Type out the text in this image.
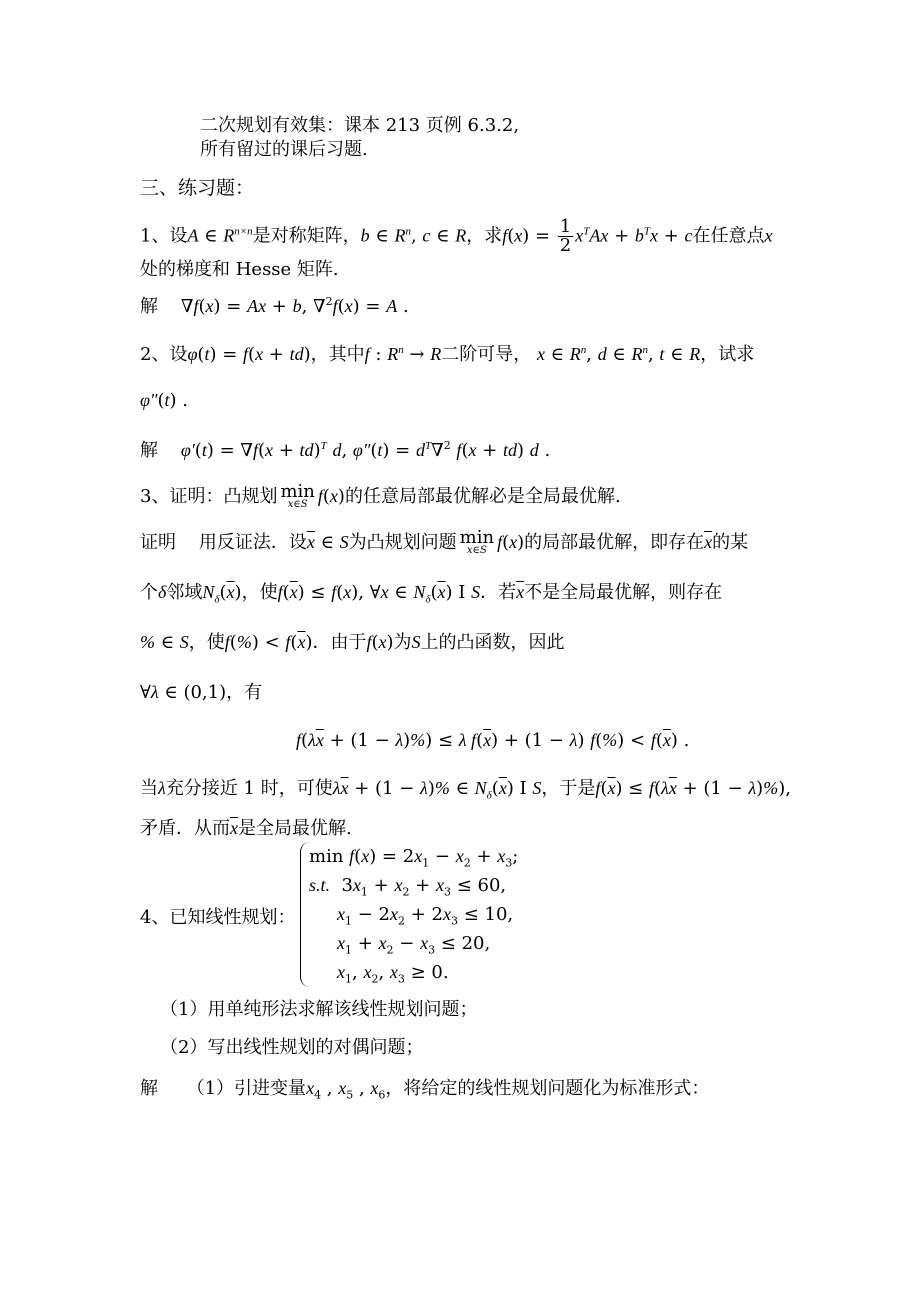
二次规划有效集：课本 213 页例 6.3.2,
所有留过的课后习题.
三、练习题：
1、设A ∈ $R^{n\times n}$是对称矩阵，b ∈ $R^n$, c ∈ R，求$f(x) = \frac{1}{2} x^TAx + b^Tx + c$在任意点x
处的梯度和 Hesse 矩阵.
解    ∇f(x) = Ax + b, ∇$^2$f(x) = A .
2、设φ(t) = f(x + td)，其中f : $R^n \to R$二阶可导， x ∈ $R^n$, d ∈ $R^n$, t ∈ R，试求
φ″(t) .
解 φ′(t) = ∇f(x + td)$^T$ d, $\varphi''(t) = d^T\nabla^2$ f(x + td) d .
3、证明：凸规划 min
x∈S f(x)的任意局部最优解必是全局最优解.
证明 用反证法．设$\overline{x}$ ∈ S为凸规划问题 min
x∈S f(x)的局部最优解，即存在$\overline{x}$的某
个δ邻域$N_\delta(\overline{x})$，使$f(\overline{x}) \le f(x)$, ∀x ∈ $N_\delta(\overline{x})$ I S．若$\overline{x}$不是全局最优解，则存在
% ∈ S，使$f(\%) < f(\overline{x})$．由于f(x)为S上的凸函数，因此
∀λ ∈ (0,1)，有
$f(\lambda\overline{x} + (1 - \lambda)\%) \le \lambda$ $f(\overline{x}) + (1 - \lambda) f(\%) < f(\overline{x})$ .
当λ充分接近 1 时，可使$\lambda\overline{x} + (1 - \lambda)\%$ ∈ $N_\delta(\overline{x})$ I S，于是$f(\overline{x}) \le f(\lambda\overline{x} + (1 - \lambda)\%)$,
矛盾．从而$\overline{x}$是全局最优解.
4、已知线性规划：
$\min f(x) = 2x_1 - x_2 + x_3$;
s.t.  $3x_1 + x_2 + x_3 \le 60$,
$x_1 - 2x_2 + 2x_3 \le 10$,
$x_1 + x_2 - x_3 \le 20$,
$x_1$, $x_2$, $x_3 \ge 0$.
（1）用单纯形法求解该线性规划问题；
（2）写出线性规划的对偶问题；
解 （1）引进变量$x_4$ , $x_5$ , $x_6$，将给定的线性规划问题化为标准形式：
